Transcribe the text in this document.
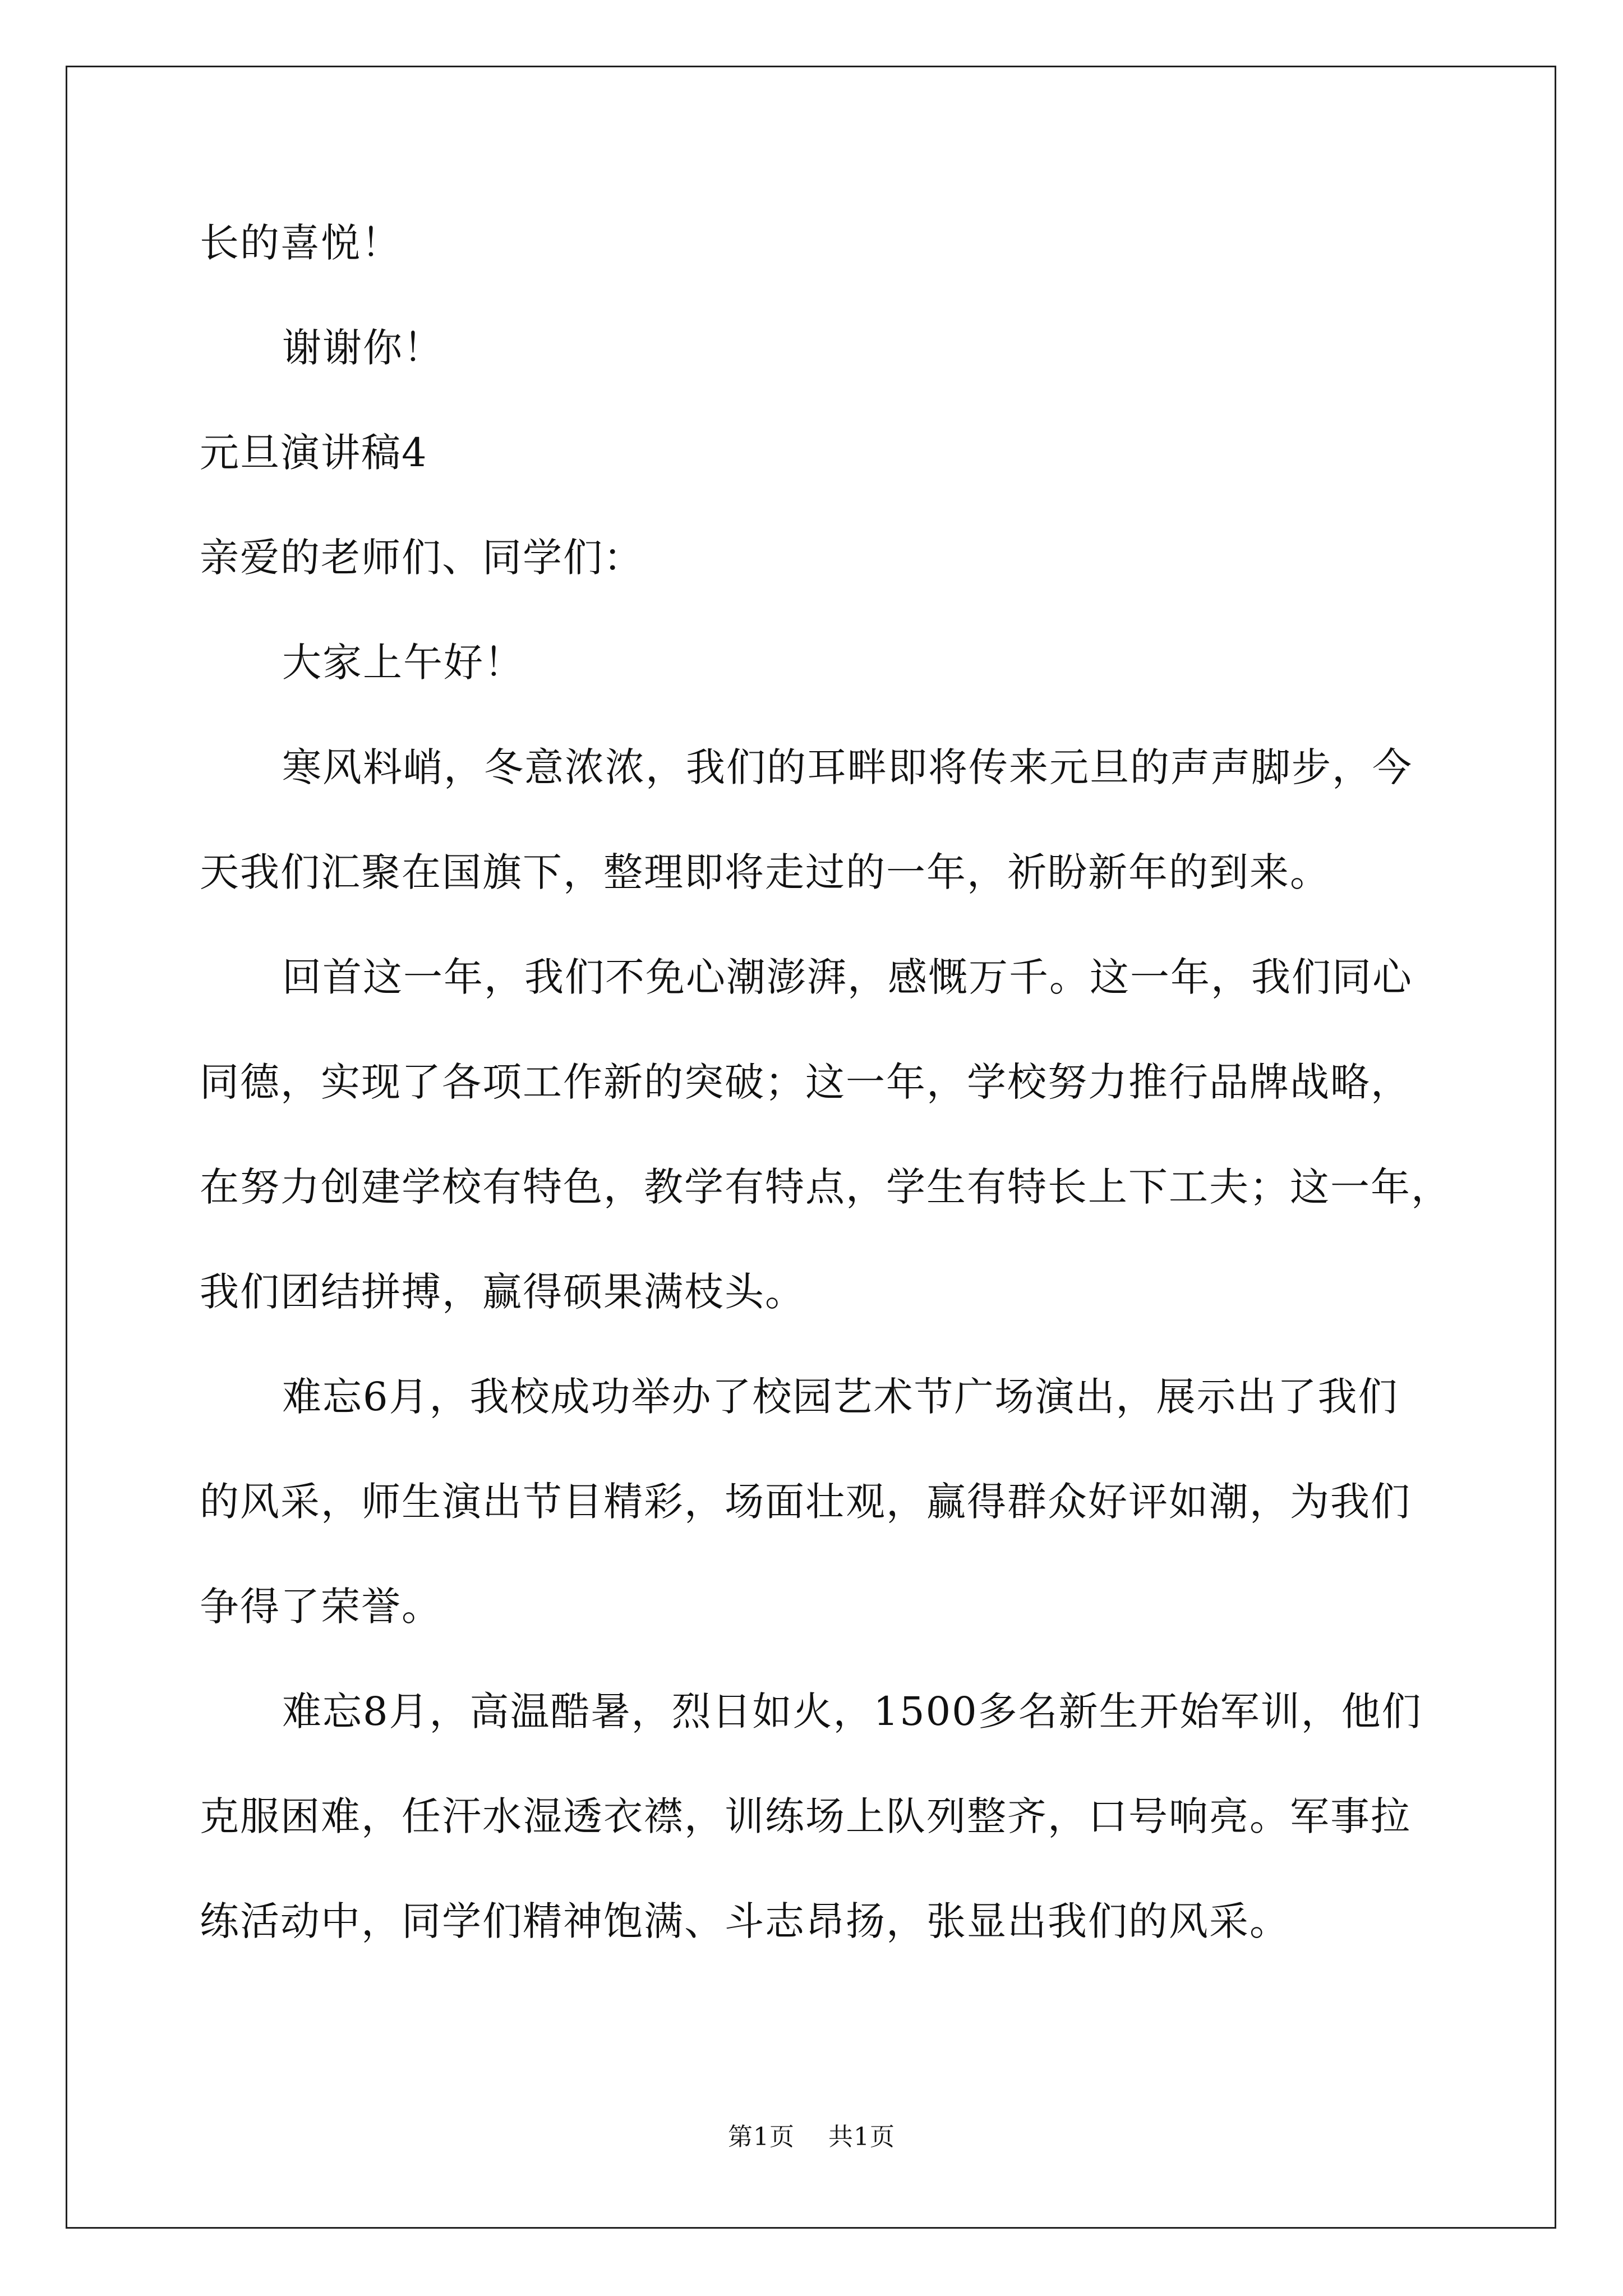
长的喜悦！
谢谢你！
元旦演讲稿4
亲爱的老师们、同学们：
大家上午好！
寒风料峭，冬意浓浓，我们的耳畔即将传来元旦的声声脚步，今
天我们汇聚在国旗下，整理即将走过的一年，祈盼新年的到来。
回首这一年，我们不免心潮澎湃，感慨万千。这一年，我们同心
同德，实现了各项工作新的突破；这一年，学校努力推行品牌战略，
在努力创建学校有特色，教学有特点，学生有特长上下工夫；这一年，
我们团结拼搏，赢得硕果满枝头。
难忘6月，我校成功举办了校园艺术节广场演出，展示出了我们
的风采，师生演出节目精彩，场面壮观，赢得群众好评如潮，为我们
争得了荣誉。
难忘8月，高温酷暑，烈日如火，1500多名新生开始军训，他们
克服困难，任汗水湿透衣襟，训练场上队列整齐，口号响亮。军事拉
练活动中，同学们精神饱满、斗志昂扬，张显出我们的风采。
第1页 共1页
